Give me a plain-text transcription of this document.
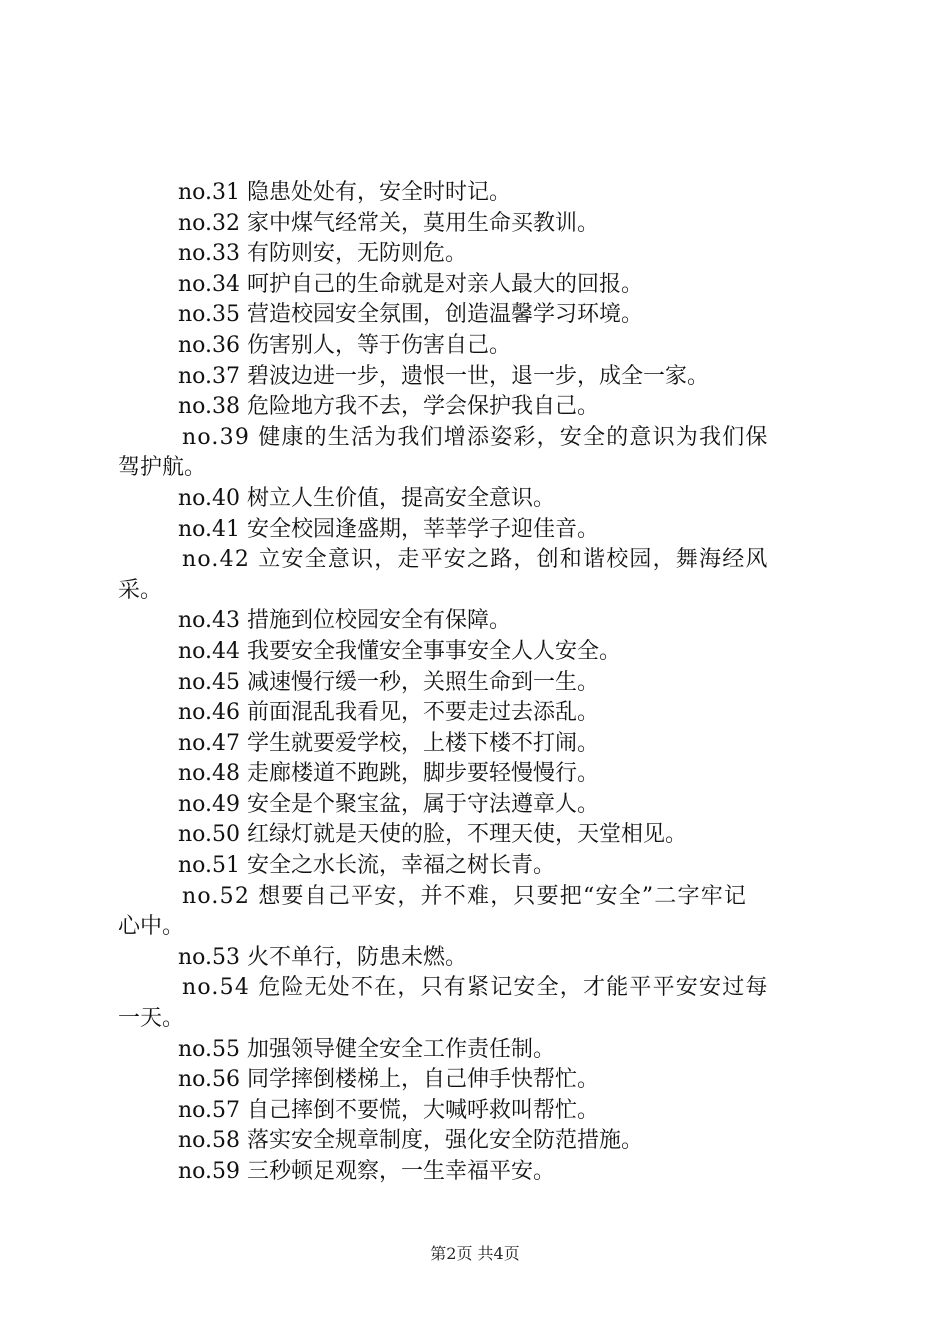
no.31 隐患处处有，安全时时记。
no.32 家中煤气经常关，莫用生命买教训。
no.33 有防则安，无防则危。
no.34 呵护自己的生命就是对亲人最大的回报。
no.35 营造校园安全氛围，创造温馨学习环境。
no.36 伤害别人，等于伤害自己。
no.37 碧波边进一步，遗恨一世，退一步，成全一家。
no.38 危险地方我不去，学会保护我自己。
no.39 健康的生活为我们增添姿彩，安全的意识为我们保
驾护航。
no.40 树立人生价值，提高安全意识。
no.41 安全校园逢盛期，莘莘学子迎佳音。
no.42 立安全意识，走平安之路，创和谐校园，舞海经风
采。
no.43 措施到位校园安全有保障。
no.44 我要安全我懂安全事事安全人人安全。
no.45 减速慢行缓一秒，关照生命到一生。
no.46 前面混乱我看见，不要走过去添乱。
no.47 学生就要爱学校，上楼下楼不打闹。
no.48 走廊楼道不跑跳，脚步要轻慢慢行。
no.49 安全是个聚宝盆，属于守法遵章人。
no.50 红绿灯就是天使的脸，不理天使，天堂相见。
no.51 安全之水长流，幸福之树长青。
no.52 想要自己平安，并不难，只要把“安全”二字牢记
心中。
no.53 火不单行，防患未燃。
no.54 危险无处不在，只有紧记安全，才能平平安安过每
一天。
no.55 加强领导健全安全工作责任制。
no.56 同学摔倒楼梯上，自己伸手快帮忙。
no.57 自己摔倒不要慌，大喊呼救叫帮忙。
no.58 落实安全规章制度，强化安全防范措施。
no.59 三秒顿足观察，一生幸福平安。
第2页 共4页
